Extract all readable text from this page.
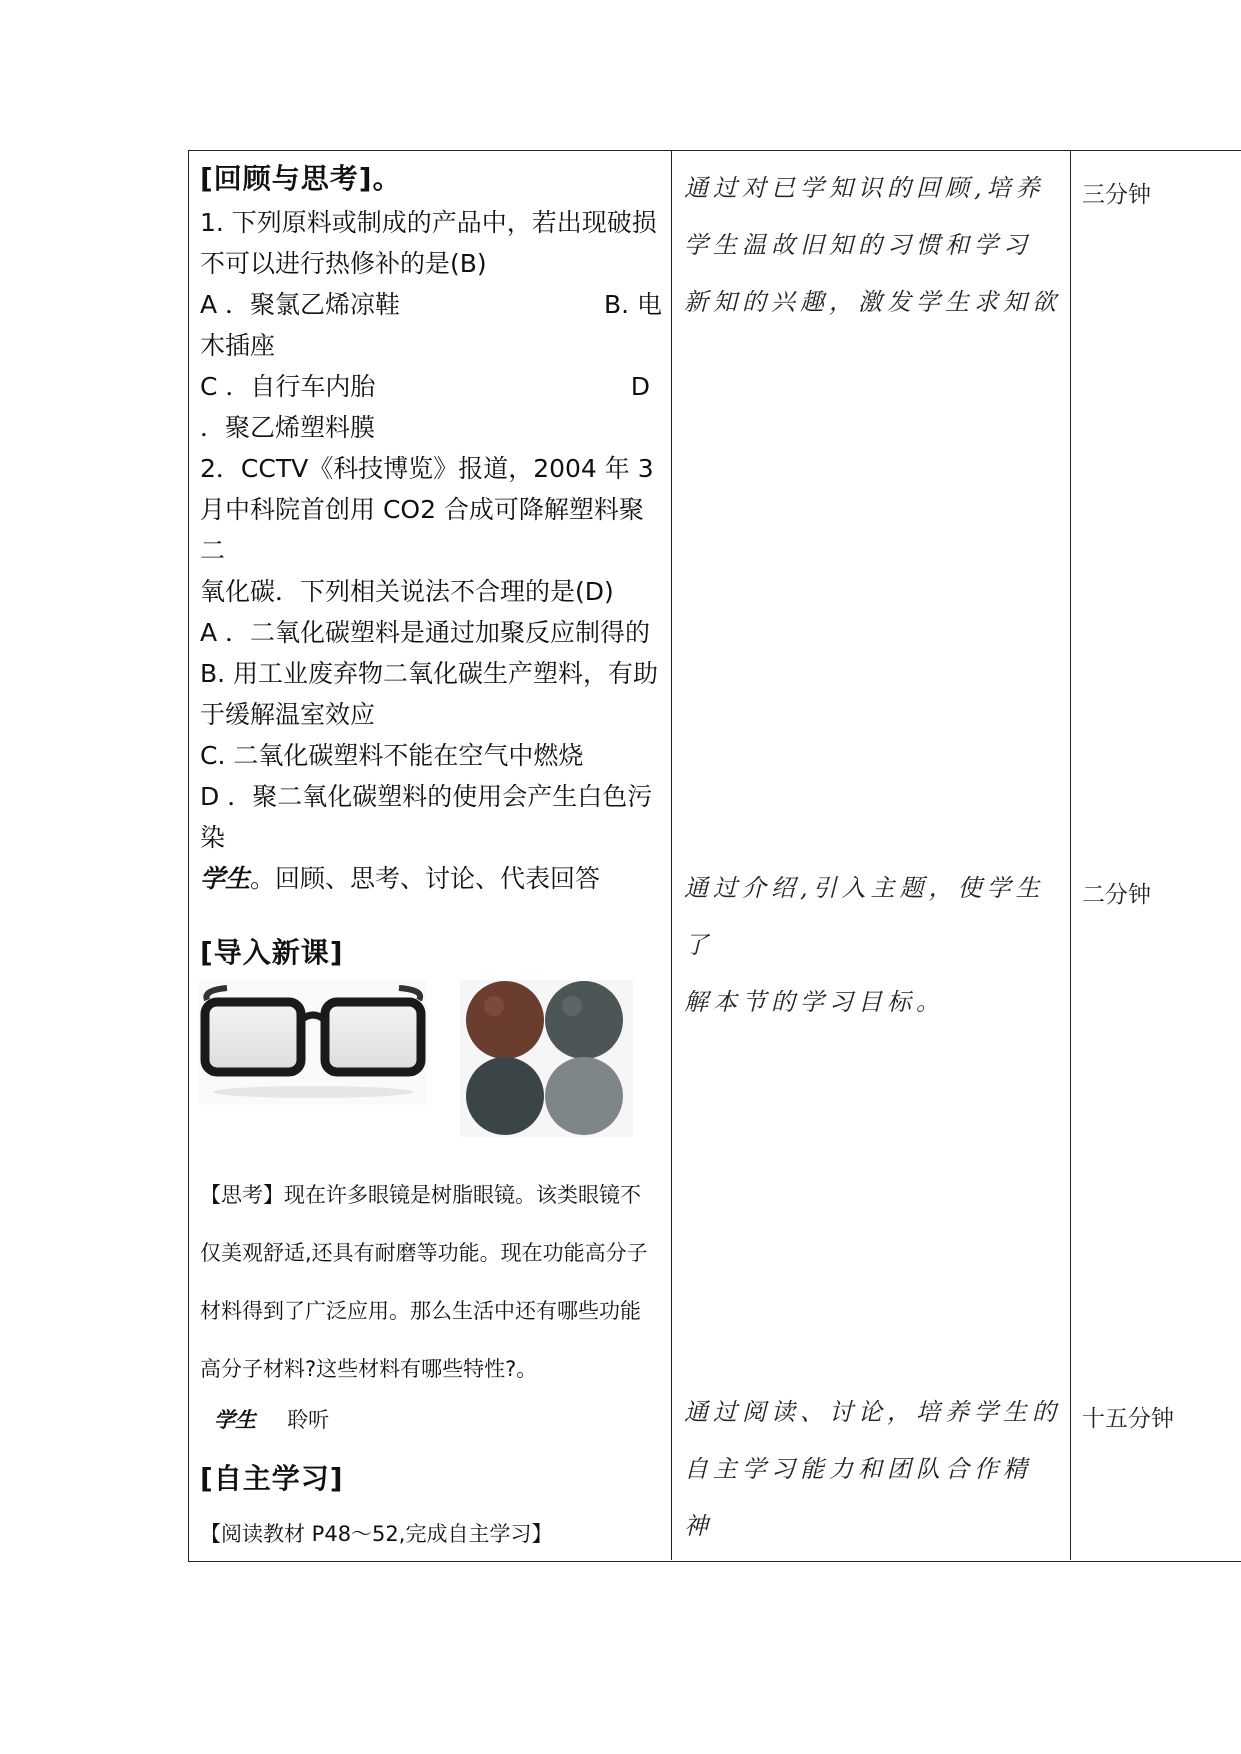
[回顾与思考]。
1. 下列原料或制成的产品中，若出现破损
不可以进行热修补的是(B)
A ．聚氯乙烯凉鞋	B. 电
木插座
C ．自行车内胎	D
．聚乙烯塑料膜
2．CCTV《科技博览》报道，2004 年 3
月中科院首创用 CO2 合成可降解塑料聚二
氧化碳．下列相关说法不合理的是(D)
A ．二氧化碳塑料是通过加聚反应制得的
B. 用工业废弃物二氧化碳生产塑料，有助
于缓解温室效应
C. 二氧化碳塑料不能在空气中燃烧
D ．聚二氧化碳塑料的使用会产生白色污
染
学生。回顾、思考、讨论、代表回答
[导入新课]
【思考】现在许多眼镜是树脂眼镜。该类眼镜不
仅美观舒适,还具有耐磨等功能。现在功能高分子
材料得到了广泛应用。那么生活中还有哪些功能
高分子材料?这些材料有哪些特性?。
学生 聆听
[自主学习]
【阅读教材 P48～52,完成自主学习】
通过对已学知识的回顾,培养
学生温故旧知的习惯和学习
新知的兴趣，激发学生求知欲
通过介绍,引入主题，使学生了
解本节的学习目标。
通过阅读、讨论，培养学生的
自主学习能力和团队合作精
神
三分钟
二分钟
十五分钟
